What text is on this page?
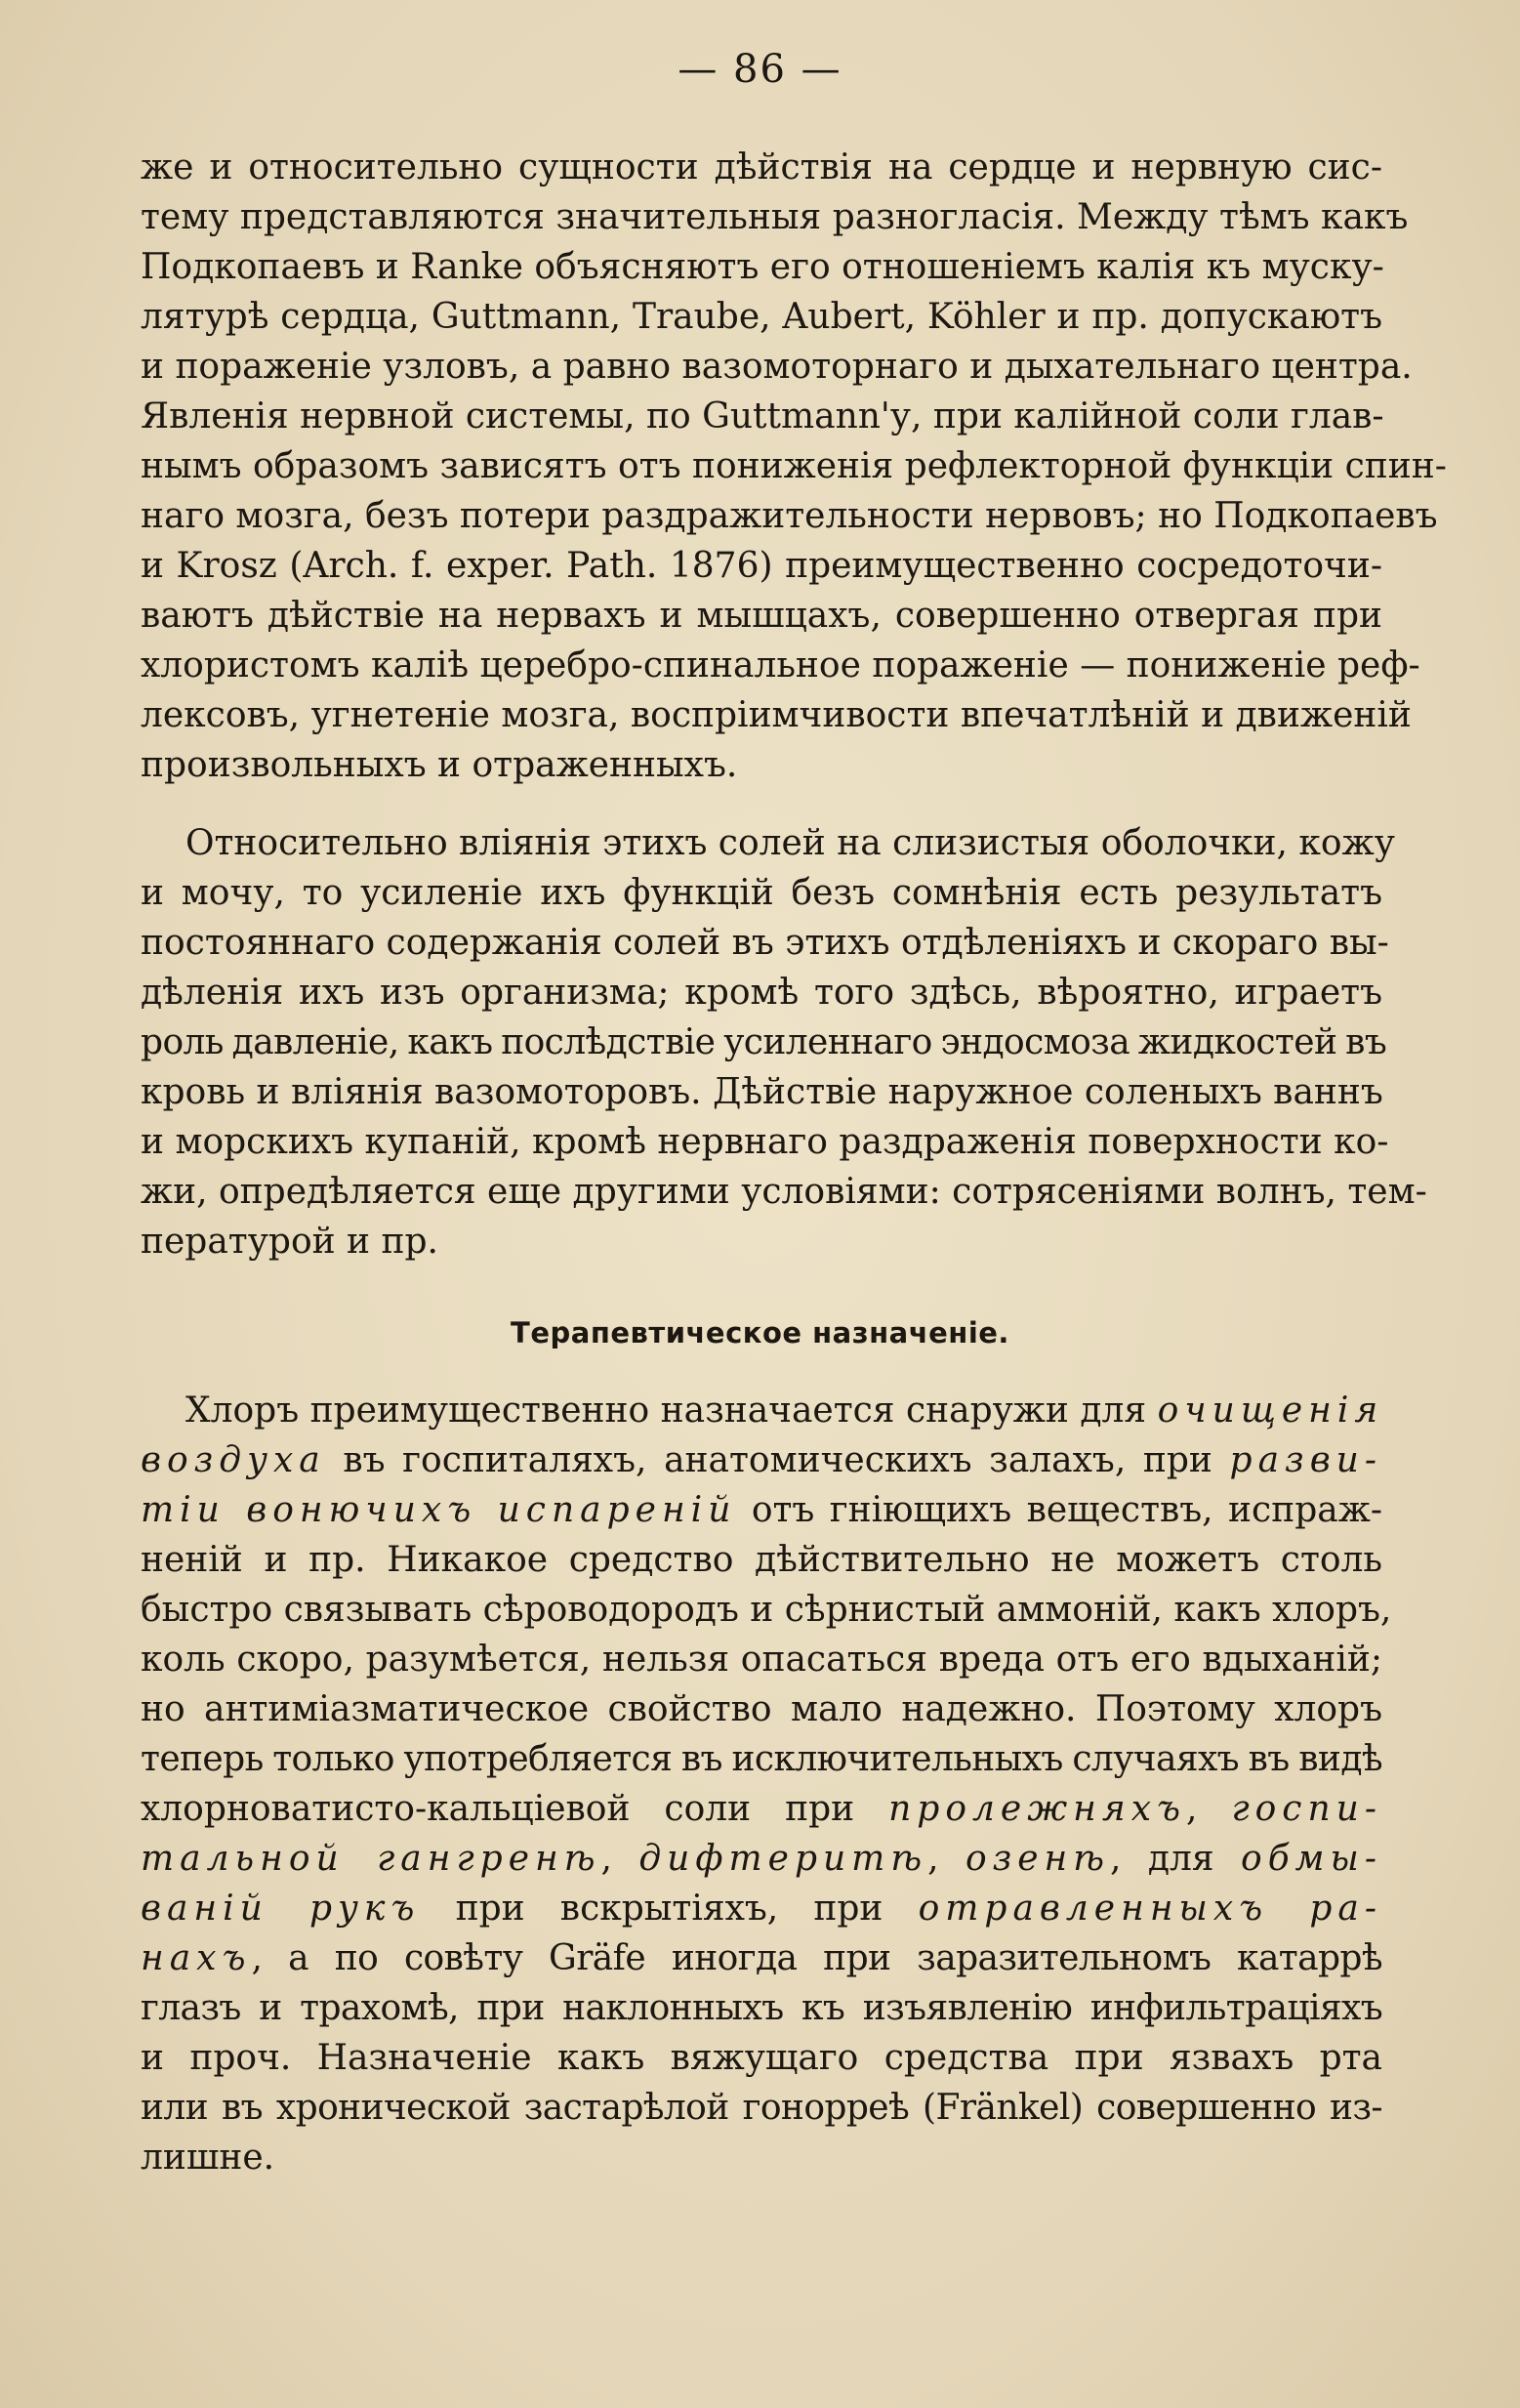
— 86 —
же и относительно сущности дѣйствія на сердце и нервную сис-
тему представляются значительныя разногласія. Между тѣмъ какъ
Подкопаевъ и Ranke объясняютъ его отношеніемъ калія къ муску-
лятурѣ сердца, Guttmann, Traube, Aubert, Köhler и пр. допускаютъ
и пораженіе узловъ, а равно вазомоторнаго и дыхательнаго центра.
Явленія нервной системы, по Guttmann'у, при калійной соли глав-
нымъ образомъ зависятъ отъ пониженія рефлекторной функціи спин-
наго мозга, безъ потери раздражительности нервовъ; но Подкопаевъ
и Krosz (Arch. f. exper. Path. 1876) преимущественно сосредоточи-
ваютъ дѣйствіе на нервахъ и мышцахъ, совершенно отвергая при
хлористомъ каліѣ церебро-спинальное пораженіе — пониженіе реф-
лексовъ, угнетеніе мозга, воспріимчивости впечатлѣній и движеній
произвольныхъ и отраженныхъ.
Относительно вліянія этихъ солей на слизистыя оболочки, кожу
и мочу, то усиленіе ихъ функцій безъ сомнѣнія есть результатъ
постояннаго содержанія солей въ этихъ отдѣленіяхъ и скораго вы-
дѣленія ихъ изъ организма; кромѣ того здѣсь, вѣроятно, играетъ
роль давленіе, какъ послѣдствіе усиленнаго эндосмоза жидкостей въ
кровь и вліянія вазомоторовъ. Дѣйствіе наружное соленыхъ ваннъ
и морскихъ купаній, кромѣ нервнаго раздраженія поверхности ко-
жи, опредѣляется еще другими условіями: сотрясеніями волнъ, тем-
пературой и пр.
Терапевтическое назначеніе.
Хлоръ преимущественно назначается снаружи для очищенія
воздуха въ госпиталяхъ, анатомическихъ залахъ, при разви-
тіи вонючихъ испареній отъ гніющихъ веществъ, испраж-
неній и пр. Никакое средство дѣйствительно не можетъ столь
быстро связывать сѣроводородъ и сѣрнистый аммоній, какъ хлоръ,
коль скоро, разумѣется, нельзя опасаться вреда отъ его вдыханій;
но антиміазматическое свойство мало надежно. Поэтому хлоръ
теперь только употребляется въ исключительныхъ случаяхъ въ видѣ
хлорноватисто-кальціевой соли при пролежняхъ, госпи-
тальной гангренѣ, дифтеритѣ, озенѣ, для обмы-
ваній рукъ при вскрытіяхъ, при отравленныхъ ра-
нахъ, а по совѣту Gräfe иногда при заразительномъ катаррѣ
глазъ и трахомѣ, при наклонныхъ къ изъявленію инфильтраціяхъ
и проч. Назначеніе какъ вяжущаго средства при язвахъ рта
или въ хронической застарѣлой гонорреѣ (Fränkel) совершенно из-
лишне.
